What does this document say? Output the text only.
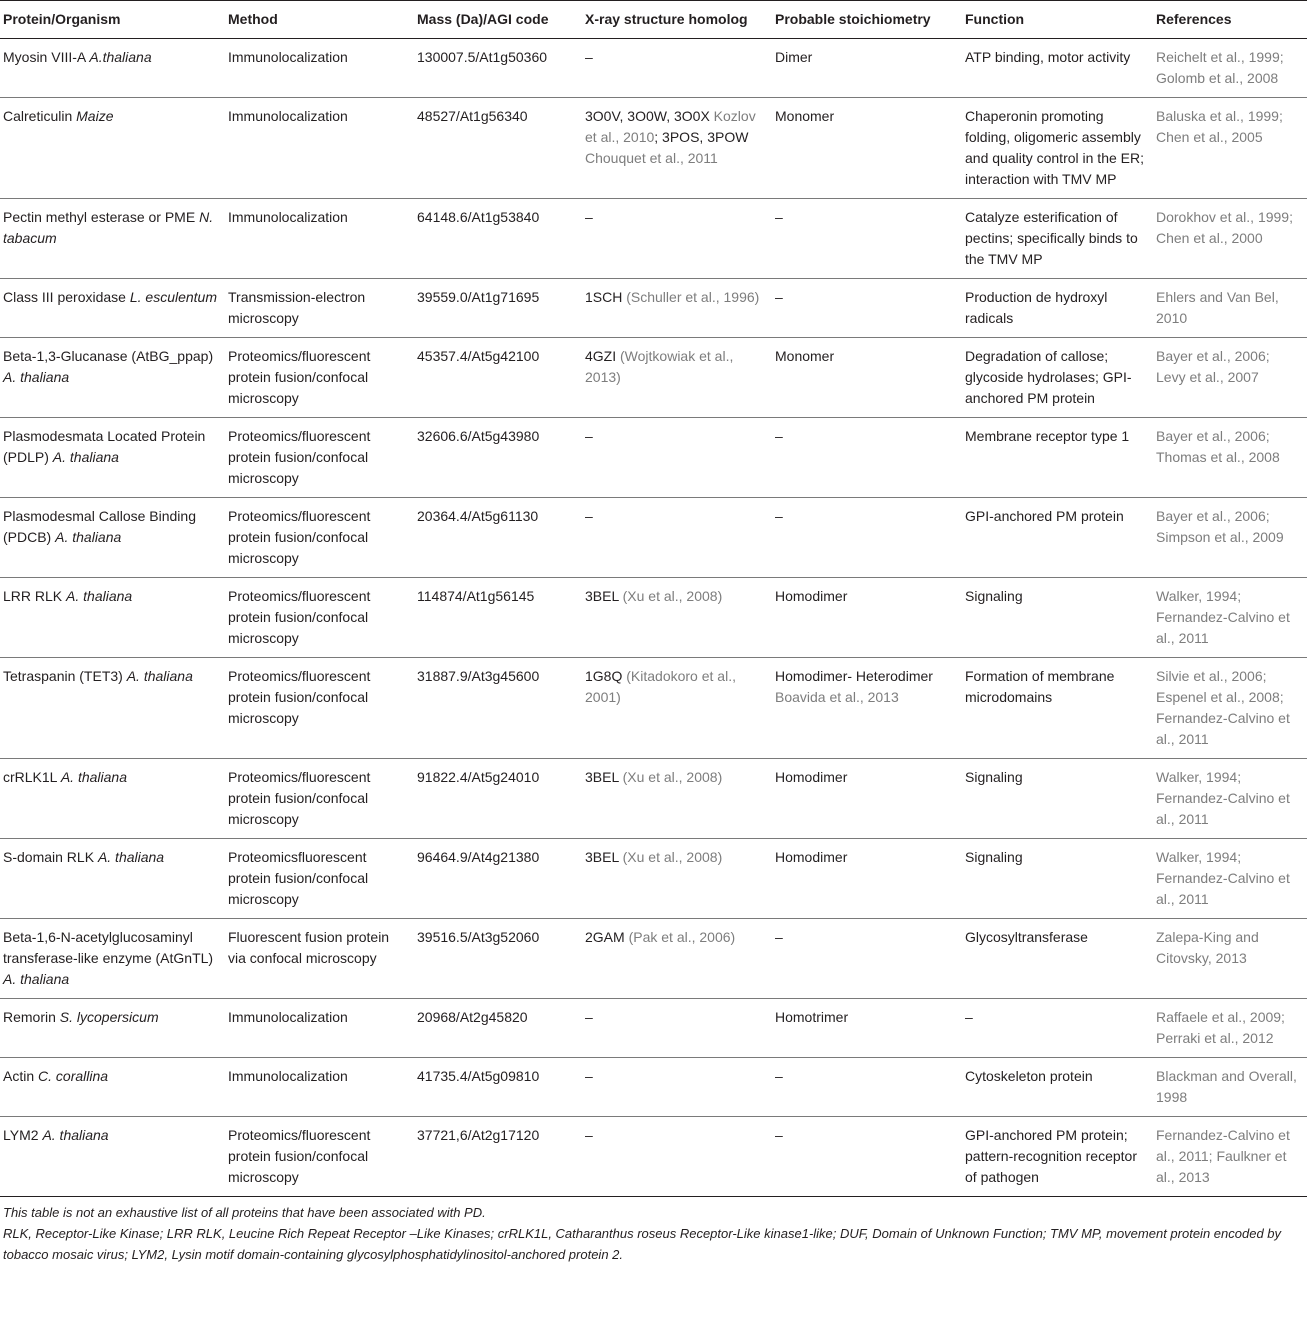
Protein/Organism	Method	Mass (Da)/AGI code	X-ray structure homolog	Probable stoichiometry	Function	References
Myosin VIII-A A.thaliana	Immunolocalization	130007.5/At1g50360	–	Dimer	ATP binding, motor activity	Reichelt et al., 1999; Golomb et al., 2008
Calreticulin Maize	Immunolocalization	48527/At1g56340	3O0V, 3O0W, 3O0X Kozlov et al., 2010; 3POS, 3POW Chouquet et al., 2011	Monomer	Chaperonin promoting folding, oligomeric assembly and quality control in the ER; interaction with TMV MP	Baluska et al., 1999; Chen et al., 2005
Pectin methyl esterase or PME N. tabacum	Immunolocalization	64148.6/At1g53840	–	–	Catalyze esterification of pectins; specifically binds to the TMV MP	Dorokhov et al., 1999; Chen et al., 2000
Class III peroxidase L. esculentum	Transmission-electron microscopy	39559.0/At1g71695	1SCH (Schuller et al., 1996)	–	Production de hydroxyl radicals	Ehlers and Van Bel, 2010
Beta-1,3-Glucanase (AtBG_ppap) A. thaliana	Proteomics/fluorescent protein fusion/confocal microscopy	45357.4/At5g42100	4GZI (Wojtkowiak et al., 2013)	Monomer	Degradation of callose; glycoside hydrolases; GPI-anchored PM protein	Bayer et al., 2006; Levy et al., 2007
Plasmodesmata Located Protein (PDLP) A. thaliana	Proteomics/fluorescent protein fusion/confocal microscopy	32606.6/At5g43980	–	–	Membrane receptor type 1	Bayer et al., 2006; Thomas et al., 2008
Plasmodesmal Callose Binding (PDCB) A. thaliana	Proteomics/fluorescent protein fusion/confocal microscopy	20364.4/At5g61130	–	–	GPI-anchored PM protein	Bayer et al., 2006; Simpson et al., 2009
LRR RLK A. thaliana	Proteomics/fluorescent protein fusion/confocal microscopy	114874/At1g56145	3BEL (Xu et al., 2008)	Homodimer	Signaling	Walker, 1994; Fernandez-Calvino et al., 2011
Tetraspanin (TET3) A. thaliana	Proteomics/fluorescent protein fusion/confocal microscopy	31887.9/At3g45600	1G8Q (Kitadokoro et al., 2001)	Homodimer- Heterodimer Boavida et al., 2013	Formation of membrane microdomains	Silvie et al., 2006; Espenel et al., 2008; Fernandez-Calvino et al., 2011
crRLK1L A. thaliana	Proteomics/fluorescent protein fusion/confocal microscopy	91822.4/At5g24010	3BEL (Xu et al., 2008)	Homodimer	Signaling	Walker, 1994; Fernandez-Calvino et al., 2011
S-domain RLK A. thaliana	Proteomicsfluorescent protein fusion/confocal microscopy	96464.9/At4g21380	3BEL (Xu et al., 2008)	Homodimer	Signaling	Walker, 1994; Fernandez-Calvino et al., 2011
Beta-1,6-N-acetylglucosaminyl transferase-like enzyme (AtGnTL) A. thaliana	Fluorescent fusion protein via confocal microscopy	39516.5/At3g52060	2GAM (Pak et al., 2006)	–	Glycosyltransferase	Zalepa-King and Citovsky, 2013
Remorin S. lycopersicum	Immunolocalization	20968/At2g45820	–	Homotrimer	–	Raffaele et al., 2009; Perraki et al., 2012
Actin C. corallina	Immunolocalization	41735.4/At5g09810	–	–	Cytoskeleton protein	Blackman and Overall, 1998
LYM2 A. thaliana	Proteomics/fluorescent protein fusion/confocal microscopy	37721,6/At2g17120	–	–	GPI-anchored PM protein; pattern-recognition receptor of pathogen	Fernandez-Calvino et al., 2011; Faulkner et al., 2013

This table is not an exhaustive list of all proteins that have been associated with PD.

RLK, Receptor-Like Kinase; LRR RLK, Leucine Rich Repeat Receptor –Like Kinases; crRLK1L, Catharanthus roseus Receptor-Like kinase1-like; DUF, Domain of Unknown Function; TMV MP, movement protein encoded by tobacco mosaic virus; LYM2, Lysin motif domain-containing glycosylphosphatidylinositol-anchored protein 2.
